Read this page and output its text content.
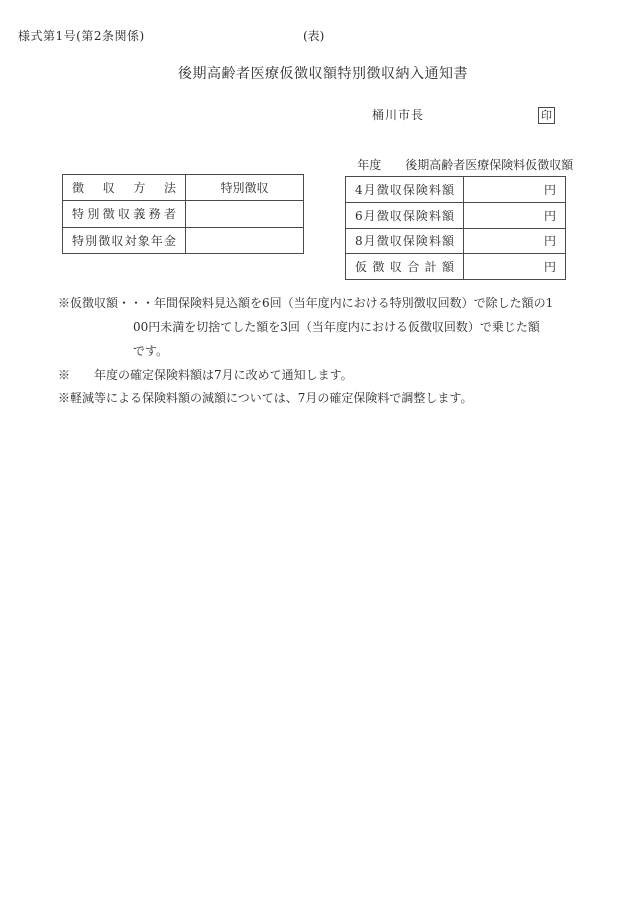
様式第1号(第2条関係)	(表)
後期高齢者医療仮徴収額特別徴収納入通知書
桶川市長	印

年度 後期高齢者医療保険料仮徴収額

徴収方法	特別徴収
特別徴収義務者	
特別徴収対象年金	
4月徴収保険料額	円
6月徴収保険料額	円
8月徴収保険料額	円
仮徴収合計額	円
※仮徴収額・・・年間保険料見込額を6回（当年度内における特別徴収回数）で除した額の1
00円未満を切捨てした額を3回（当年度内における仮徴収回数）で乗じた額
です。
※　　年度の確定保険料額は7月に改めて通知します。
※軽減等による保険料額の減額については、7月の確定保険料で調整します。
